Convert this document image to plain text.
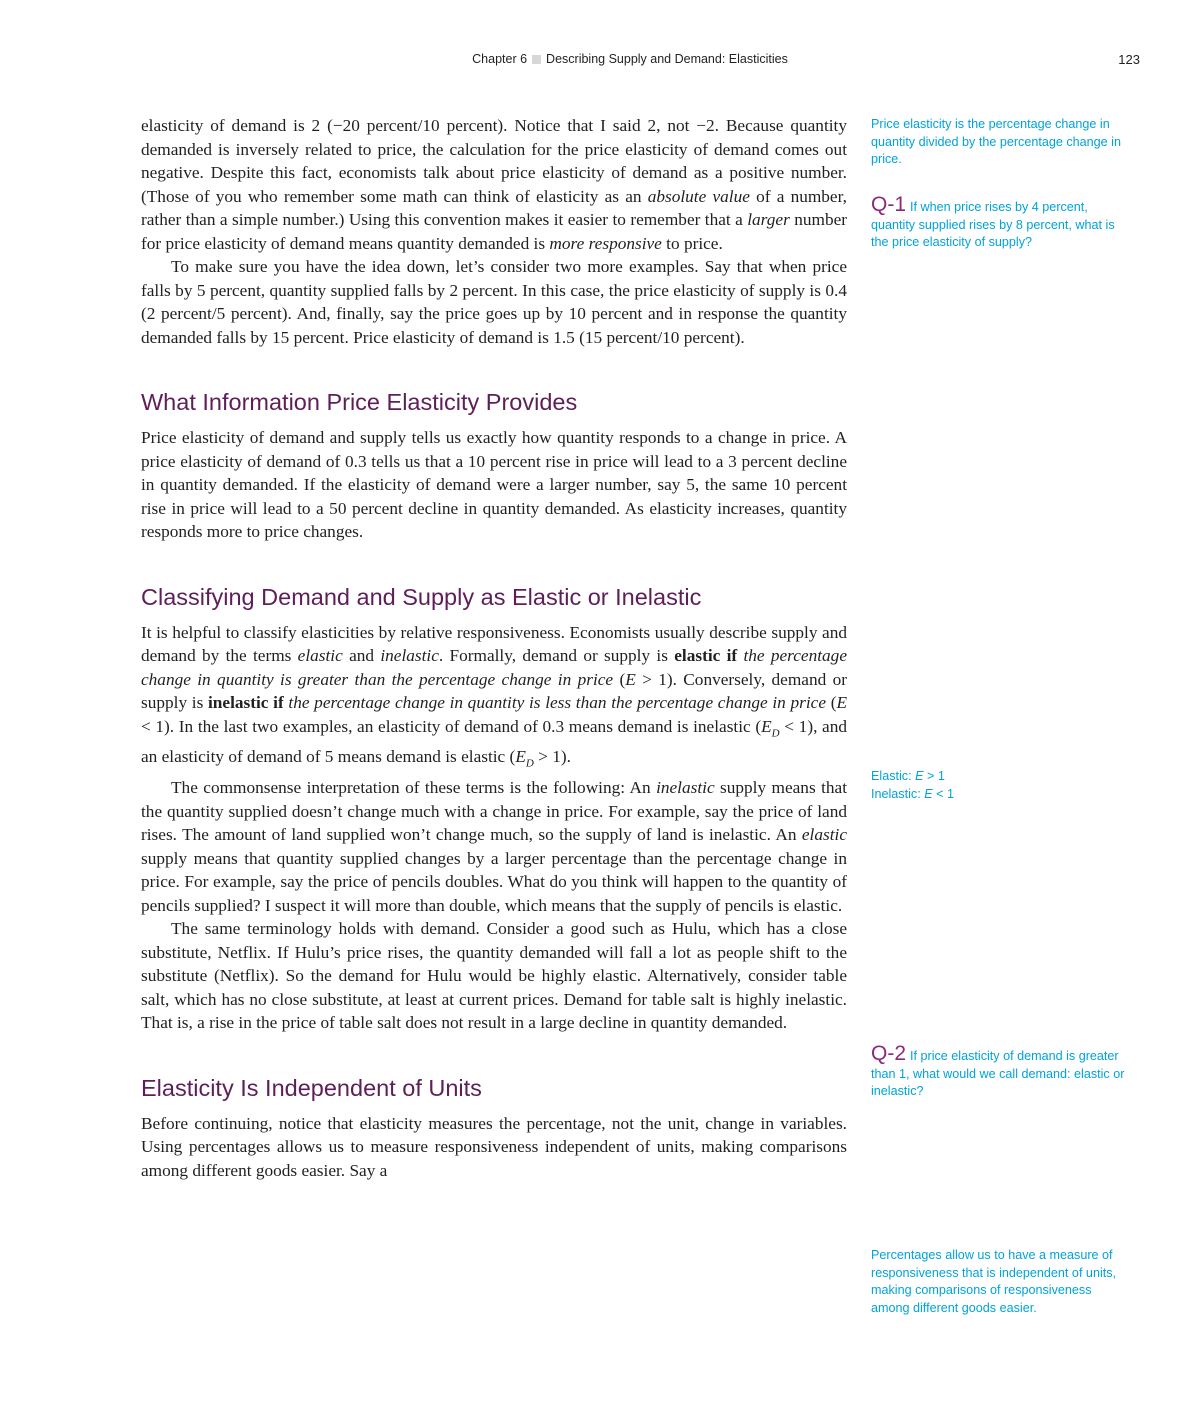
Chapter 6 Describing Supply and Demand: Elasticities	123

elasticity of demand is 2 (−20 percent/10 percent). Notice that I said 2, not −2. Because quantity demanded is inversely related to price, the calculation for the price elasticity of demand comes out negative. Despite this fact, economists talk about price elasticity of demand as a positive number. (Those of you who remember some math can think of elasticity as an absolute value of a number, rather than a simple number.) Using this convention makes it easier to remember that a larger number for price elasticity of demand means quantity demanded is more responsive to price.

To make sure you have the idea down, let’s consider two more examples. Say that when price falls by 5 percent, quantity supplied falls by 2 percent. In this case, the price elasticity of supply is 0.4 (2 percent/5 percent). And, finally, say the price goes up by 10 percent and in response the quantity demanded falls by 15 percent. Price elasticity of demand is 1.5 (15 percent/10 percent).

What Information Price Elasticity Provides

Price elasticity of demand and supply tells us exactly how quantity responds to a change in price. A price elasticity of demand of 0.3 tells us that a 10 percent rise in price will lead to a 3 percent decline in quantity demanded. If the elasticity of demand were a larger number, say 5, the same 10 percent rise in price will lead to a 50 percent decline in quantity demanded. As elasticity increases, quantity responds more to price changes.

Classifying Demand and Supply as Elastic or Inelastic

It is helpful to classify elasticities by relative responsiveness. Economists usually describe supply and demand by the terms elastic and inelastic. Formally, demand or supply is elastic if the percentage change in quantity is greater than the percentage change in price (E > 1). Conversely, demand or supply is inelastic if the percentage change in quantity is less than the percentage change in price (E < 1). In the last two examples, an elasticity of demand of 0.3 means demand is inelastic $(E_D < 1)$, and an elasticity of demand of 5 means demand is elastic $(E_D > 1)$.

The commonsense interpretation of these terms is the following: An inelastic supply means that the quantity supplied doesn’t change much with a change in price. For example, say the price of land rises. The amount of land supplied won’t change much, so the supply of land is inelastic. An elastic supply means that quantity supplied changes by a larger percentage than the percentage change in price. For example, say the price of pencils doubles. What do you think will happen to the quantity of pencils supplied? I suspect it will more than double, which means that the supply of pencils is elastic.

The same terminology holds with demand. Consider a good such as Hulu, which has a close substitute, Netflix. If Hulu’s price rises, the quantity demanded will fall a lot as people shift to the substitute (Netflix). So the demand for Hulu would be highly elastic. Alternatively, consider table salt, which has no close substitute, at least at current prices. Demand for table salt is highly inelastic. That is, a rise in the price of table salt does not result in a large decline in quantity demanded.

Elasticity Is Independent of Units

Before continuing, notice that elasticity measures the percentage, not the unit, change in variables. Using percentages allows us to measure responsiveness independent of units, making comparisons among different goods easier. Say a

Price elasticity is the percentage change in quantity divided by the percentage change in price.
Q-1 If when price rises by 4 percent, quantity supplied rises by 8 percent, what is the price elasticity of supply?
Elastic: E > 1
Inelastic: E < 1
Q-2 If price elasticity of demand is greater than 1, what would we call demand: elastic or inelastic?
Percentages allow us to have a measure of responsiveness that is independent of units, making comparisons of responsiveness among different goods easier.
